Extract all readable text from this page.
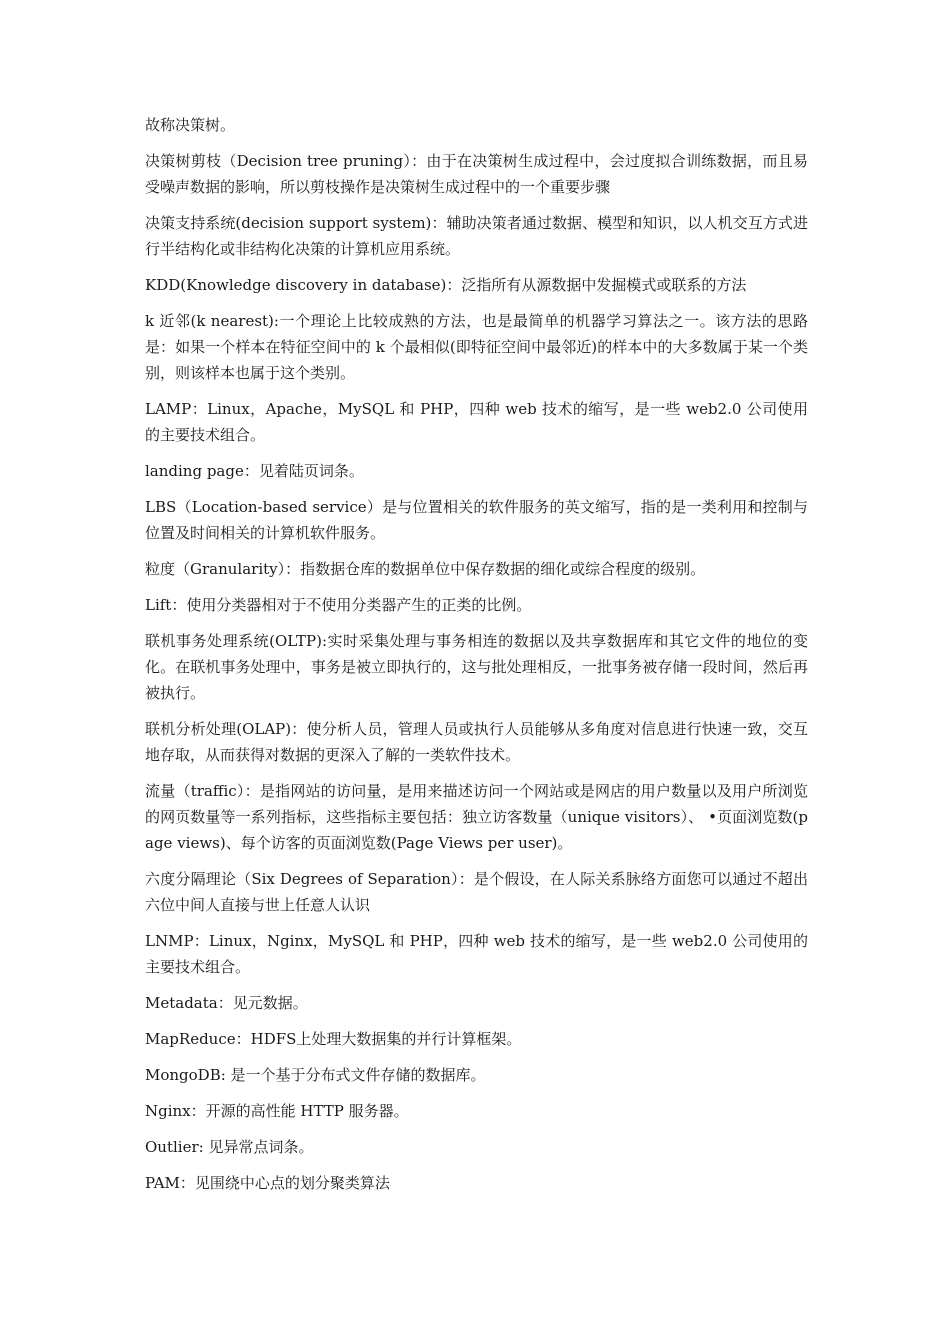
故称决策树。

决策树剪枝（Decision tree pruning）：由于在决策树生成过程中，会过度拟合训练数据，而且易受噪声数据的影响，所以剪枝操作是决策树生成过程中的一个重要步骤

决策支持系统(decision support system)：辅助决策者通过数据、模型和知识，以人机交互方式进行半结构化或非结构化决策的计算机应用系统。

KDD(Knowledge discovery in database)：泛指所有从源数据中发掘模式或联系的方法

k 近邻(k nearest):一个理论上比较成熟的方法，也是最简单的机器学习算法之一。该方法的思路是：如果一个样本在特征空间中的 k 个最相似(即特征空间中最邻近)的样本中的大多数属于某一个类别，则该样本也属于这个类别。

LAMP：Linux，Apache，MySQL 和 PHP，四种 web 技术的缩写，是一些 web2.0 公司使用的主要技术组合。

landing page：见着陆页词条。

LBS（Location-based service）是与位置相关的软件服务的英文缩写，指的是一类利用和控制与位置及时间相关的计算机软件服务。

粒度（Granularity）：指数据仓库的数据单位中保存数据的细化或综合程度的级别。

Lift：使用分类器相对于不使用分类器产生的正类的比例。

联机事务处理系统(OLTP):实时采集处理与事务相连的数据以及共享数据库和其它文件的地位的变化。在联机事务处理中，事务是被立即执行的，这与批处理相反，一批事务被存储一段时间，然后再被执行。

联机分析处理(OLAP)：使分析人员，管理人员或执行人员能够从多角度对信息进行快速一致，交互地存取，从而获得对数据的更深入了解的一类软件技术。

流量（traffic）：是指网站的访问量，是用来描述访问一个网站或是网店的用户数量以及用户所浏览的网页数量等一系列指标，这些指标主要包括：独立访客数量（unique visitors）、 •页面浏览数(page views)、每个访客的页面浏览数(Page Views per user)。

六度分隔理论（Six Degrees of Separation）：是个假设，在人际关系脉络方面您可以通过不超出六位中间人直接与世上任意人认识

LNMP：Linux，Nginx，MySQL 和 PHP，四种 web 技术的缩写，是一些 web2.0 公司使用的主要技术组合。

Metadata：见元数据。

MapReduce：HDFS上处理大数据集的并行计算框架。

MongoDB: 是一个基于分布式文件存储的数据库。

Nginx：开源的高性能 HTTP 服务器。

Outlier: 见异常点词条。

PAM：见围绕中心点的划分聚类算法
